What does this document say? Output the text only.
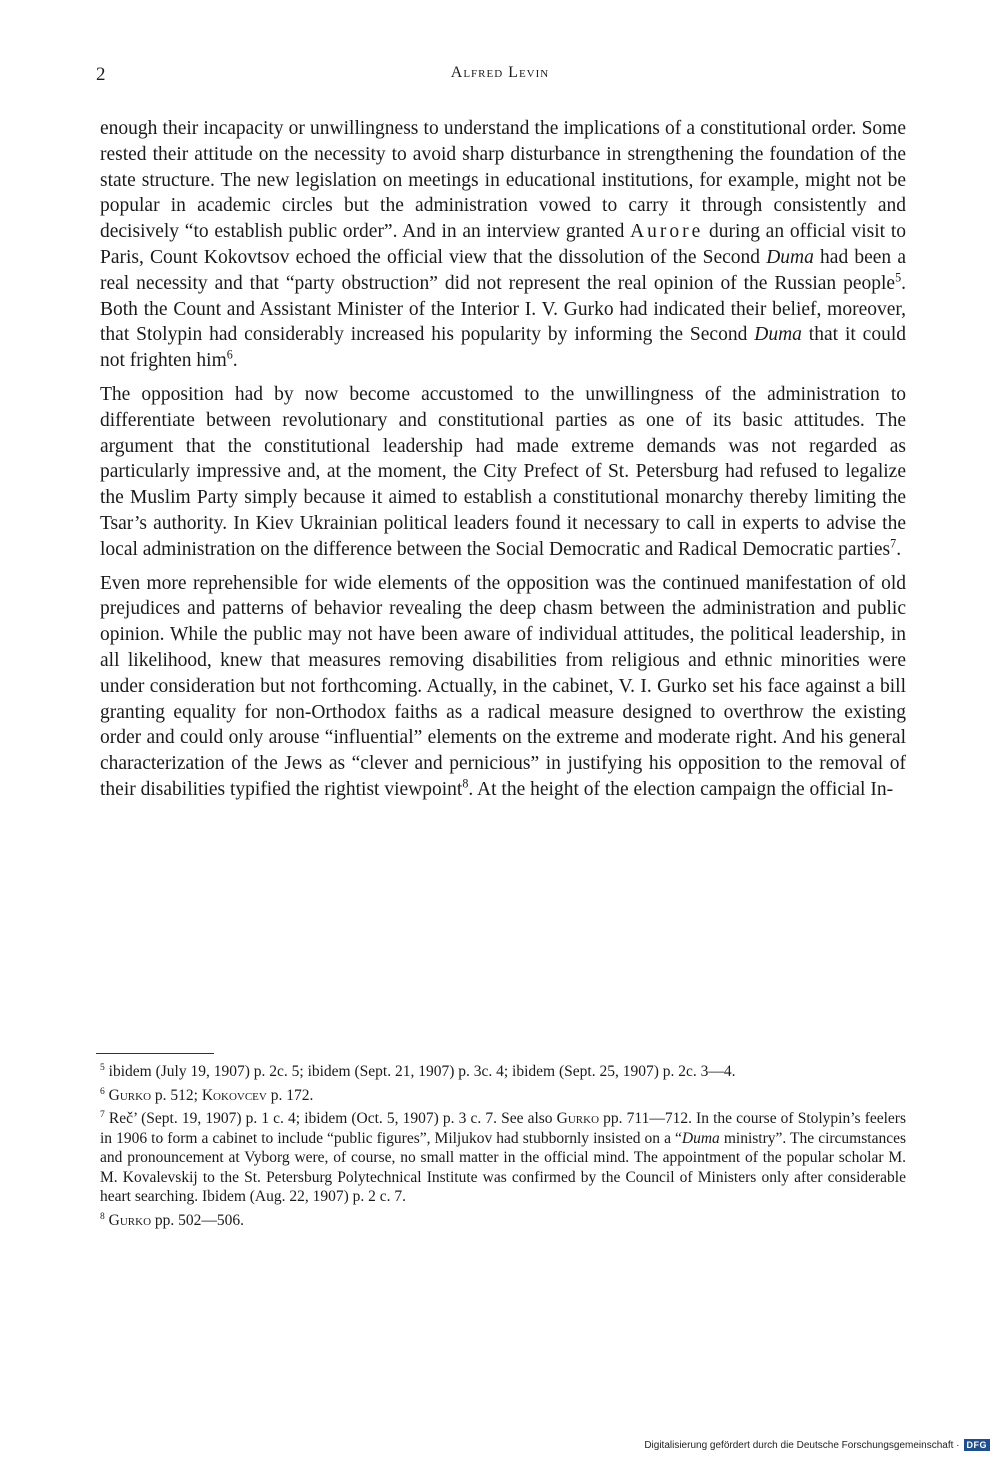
2	Alfred Levin

enough their incapacity or unwillingness to understand the implications of a constitutional order. Some rested their attitude on the necessity to avoid sharp disturbance in strengthening the foundation of the state structure. The new legislation on meetings in educational institutions, for example, might not be popular in academic circles but the administration vowed to carry it through consistently and decisively “to establish public order”. And in an interview granted Aurore during an official visit to Paris, Count Kokovtsov echoed the official view that the dissolution of the Second Duma had been a real necessity and that “party obstruction” did not represent the real opinion of the Russian people$^5$. Both the Count and Assistant Minister of the Interior I. V. Gurko had indicated their belief, moreover, that Stolypin had considerably increased his popularity by informing the Second Duma that it could not frighten him$^6$.

The opposition had by now become accustomed to the unwillingness of the administration to differentiate between revolutionary and constitutional parties as one of its basic attitudes. The argument that the constitutional leadership had made extreme demands was not regarded as particularly impressive and, at the moment, the City Prefect of St. Petersburg had refused to legalize the Muslim Party simply because it aimed to establish a constitutional monarchy thereby limiting the Tsar’s authority. In Kiev Ukrainian political leaders found it necessary to call in experts to advise the local administration on the difference between the Social Democratic and Radical Democratic parties$^7$.

Even more reprehensible for wide elements of the opposition was the continued manifestation of old prejudices and patterns of behavior revealing the deep chasm between the administration and public opinion. While the public may not have been aware of individual attitudes, the political leadership, in all likelihood, knew that measures removing disabilities from religious and ethnic minorities were under consideration but not forthcoming. Actually, in the cabinet, V. I. Gurko set his face against a bill granting equality for non-Orthodox faiths as a radical measure designed to overthrow the existing order and could only arouse “influential” elements on the extreme and moderate right. And his general characterization of the Jews as “clever and pernicious” in justifying his opposition to the removal of their disabilities typified the rightist viewpoint$^8$. At the height of the election campaign the official In-

$^5$ ibidem (July 19, 1907) p. 2c. 5; ibidem (Sept. 21, 1907) p. 3c. 4; ibidem (Sept. 25, 1907) p. 2c. 3—4.

$^6$ Gurko p. 512; Kokovcev p. 172.

$^7$ Reč’ (Sept. 19, 1907) p. 1 c. 4; ibidem (Oct. 5, 1907) p. 3 c. 7. See also Gurko pp. 711—712. In the course of Stolypin’s feelers in 1906 to form a cabinet to include “public figures”, Miljukov had stubbornly insisted on a “Duma ministry”. The circumstances and pronouncement at Vyborg were, of course, no small matter in the official mind. The appointment of the popular scholar M. M. Kovalevskij to the St. Petersburg Polytechnical Institute was confirmed by the Council of Ministers only after considerable heart searching. Ibidem (Aug. 22, 1907) p. 2 c. 7.

$^8$ Gurko pp. 502—506.

Digitalisierung gefördert durch die Deutsche Forschungsgemeinschaft · DFG
